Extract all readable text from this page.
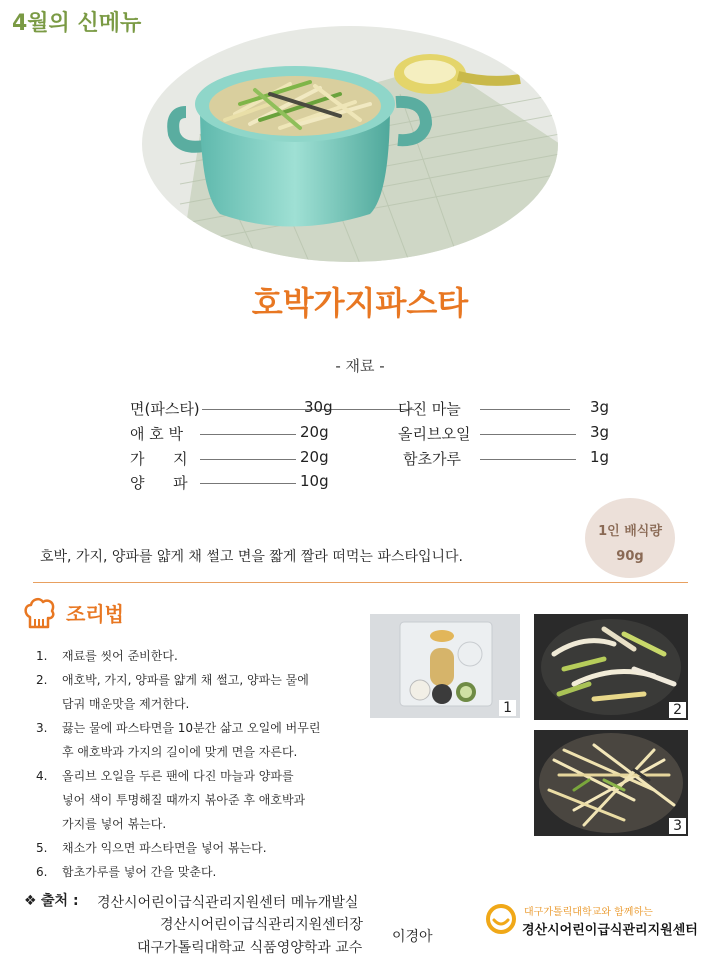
4월의 신메뉴
호박가지파스타
- 재료 -
면(파스타)	30g
애 호 박	20g
가      지	20g
양      파	10g
다진 마늘	3g
올리브오일	3g
함초가루	1g
1인 배식량
90g
호박, 가지, 양파를 얇게 채 썰고 면을 짧게 짤라 떠먹는 파스타입니다.
조리법
1. 재료를 씻어 준비한다.
2. 애호박, 가지, 양파를 얇게 채 썰고, 양파는 물에
담궈 매운맛을 제거한다.
3. 끓는 물에 파스타면을 10분간 삶고 오일에 버무린
후 애호박과 가지의 길이에 맞게 면을 자른다.
4. 올리브 오일을 두른 팬에 다진 마늘과 양파를
넣어 색이 투명해질 때까지 볶아준 후 애호박과
가지를 넣어 볶는다.
5. 채소가 익으면 파스타면을 넣어 볶는다.
6. 함초가루를 넣어 간을 맞춘다.
1	2
3
❖ 출처 : 경산시어린이급식관리지원센터 메뉴개발실
경산시어린이급식관리지원센터장
대구가톨릭대학교 식품영양학과 교수
이경아
대구가톨릭대학교와 함께하는
경산시어린이급식관리지원센터
